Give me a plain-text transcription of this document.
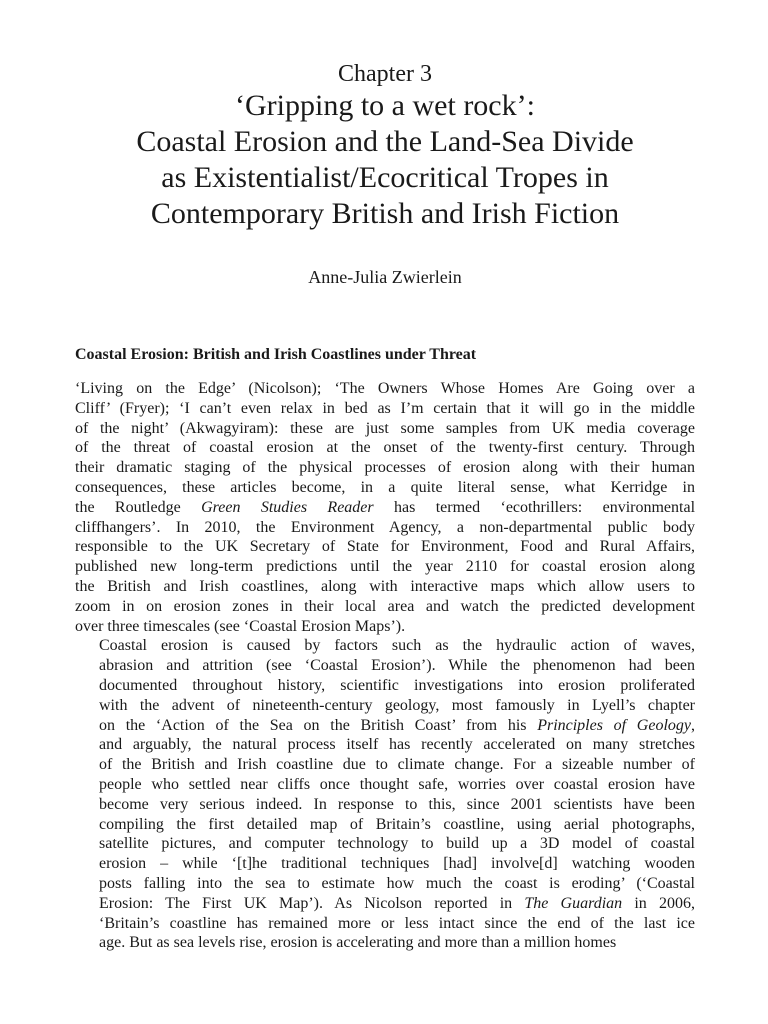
Chapter 3
‘Gripping to a wet rock’:
Coastal Erosion and the Land-Sea Divide
as Existentialist/Ecocritical Tropes in
Contemporary British and Irish Fiction
Anne-Julia Zwierlein
Coastal Erosion: British and Irish Coastlines under Threat

‘Living on the Edge’ (Nicolson); ‘The Owners Whose Homes Are Going over a
Cliff’ (Fryer); ‘I can’t even relax in bed as I’m certain that it will go in the middle
of the night’ (Akwagyiram): these are just some samples from UK media coverage
of the threat of coastal erosion at the onset of the twenty-first century. Through
their dramatic staging of the physical processes of erosion along with their human
consequences, these articles become, in a quite literal sense, what Kerridge in
the Routledge Green Studies Reader has termed ‘ecothrillers: environmental
cliffhangers’. In 2010, the Environment Agency, a non-departmental public body
responsible to the UK Secretary of State for Environment, Food and Rural Affairs,
published new long-term predictions until the year 2110 for coastal erosion along
the British and Irish coastlines, along with interactive maps which allow users to
zoom in on erosion zones in their local area and watch the predicted development
over three timescales (see ‘Coastal Erosion Maps’).

Coastal erosion is caused by factors such as the hydraulic action of waves,
abrasion and attrition (see ‘Coastal Erosion’). While the phenomenon had been
documented throughout history, scientific investigations into erosion proliferated
with the advent of nineteenth-century geology, most famously in Lyell’s chapter
on the ‘Action of the Sea on the British Coast’ from his Principles of Geology,
and arguably, the natural process itself has recently accelerated on many stretches
of the British and Irish coastline due to climate change. For a sizeable number of
people who settled near cliffs once thought safe, worries over coastal erosion have
become very serious indeed. In response to this, since 2001 scientists have been
compiling the first detailed map of Britain’s coastline, using aerial photographs,
satellite pictures, and computer technology to build up a 3D model of coastal
erosion – while ‘[t]he traditional techniques [had] involve[d] watching wooden
posts falling into the sea to estimate how much the coast is eroding’ (‘Coastal
Erosion: The First UK Map’). As Nicolson reported in The Guardian in 2006,
‘Britain’s coastline has remained more or less intact since the end of the last ice
age. But as sea levels rise, erosion is accelerating and more than a million homes
